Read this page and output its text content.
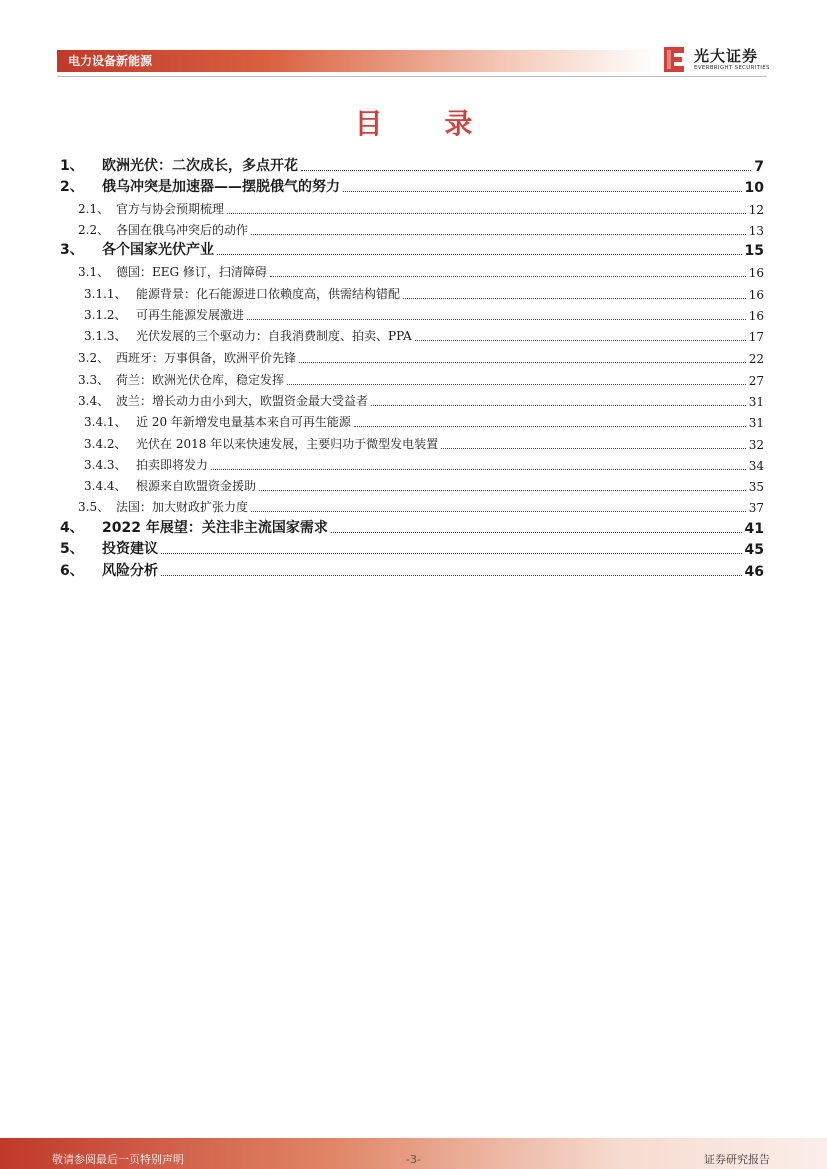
电力设备新能源	光大证券
EVERBRIGHT SECURITIES
目 录
1、	欧洲光伏：二次成长，多点开花	7
2、	俄乌冲突是加速器——摆脱俄气的努力	10
2.1、 官方与协会预期梳理	12
2.2、 各国在俄乌冲突后的动作	13
3、	各个国家光伏产业	15
3.1、 德国：EEG 修订，扫清障碍	16
3.1.1、 能源背景：化石能源进口依赖度高，供需结构错配	16
3.1.2、 可再生能源发展激进	16
3.1.3、 光伏发展的三个驱动力：自我消费制度、拍卖、PPA	17
3.2、 西班牙：万事俱备，欧洲平价先锋	22
3.3、 荷兰：欧洲光伏仓库，稳定发挥	27
3.4、 波兰：增长动力由小到大，欧盟资金最大受益者	31
3.4.1、 近 20 年新增发电量基本来自可再生能源	31
3.4.2、 光伏在 2018 年以来快速发展，主要归功于微型发电装置	32
3.4.3、 拍卖即将发力	34
3.4.4、 根源来自欧盟资金援助	35
3.5、 法国：加大财政扩张力度	37
4、	2022 年展望：关注非主流国家需求	41
5、	投资建议	45
6、	风险分析	46
敬请参阅最后一页特别声明	-3-	证券研究报告
